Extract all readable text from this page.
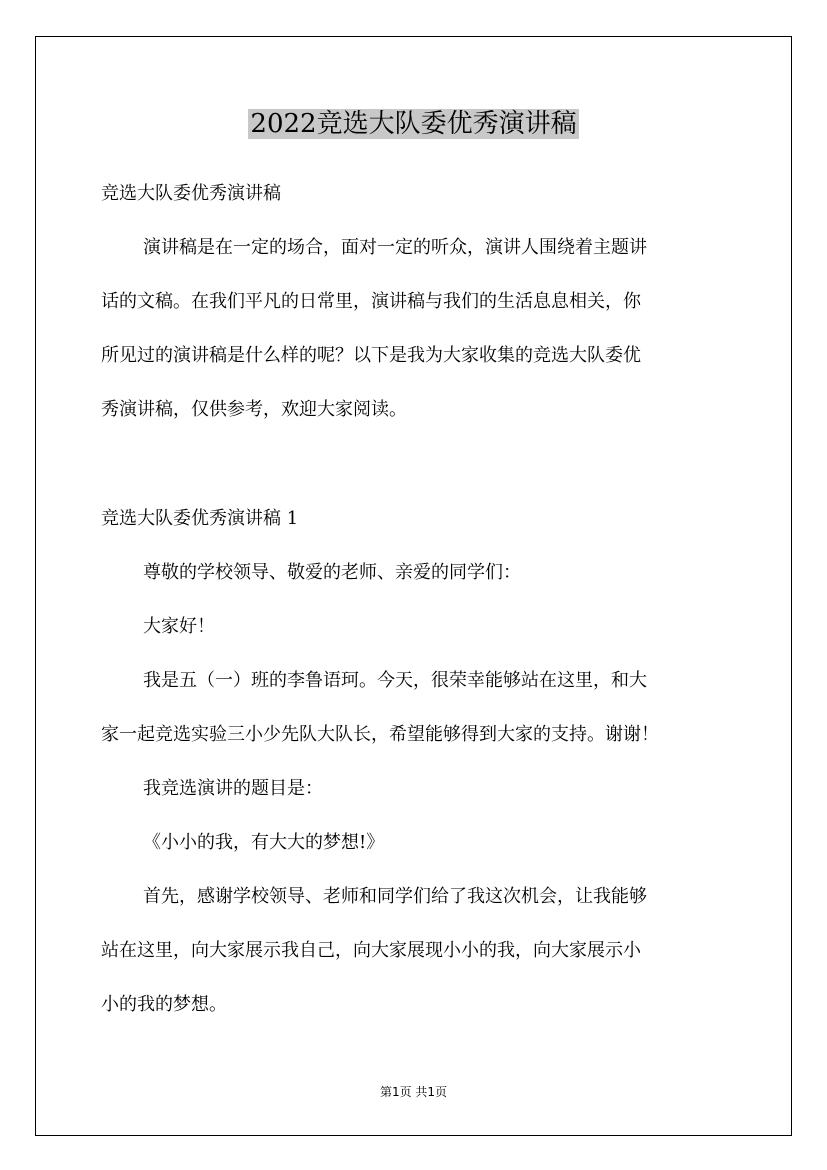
2022竞选大队委优秀演讲稿
竞选大队委优秀演讲稿
演讲稿是在一定的场合，面对一定的听众，演讲人围绕着主题讲
话的文稿。在我们平凡的日常里，演讲稿与我们的生活息息相关，你
所见过的演讲稿是什么样的呢？以下是我为大家收集的竞选大队委优
秀演讲稿，仅供参考，欢迎大家阅读。
竞选大队委优秀演讲稿 1
尊敬的学校领导、敬爱的老师、亲爱的同学们：
大家好！
我是五（一）班的李鲁语珂。今天，很荣幸能够站在这里，和大
家一起竞选实验三小少先队大队长，希望能够得到大家的支持。谢谢！
我竞选演讲的题目是：
《小小的我，有大大的梦想!》
首先，感谢学校领导、老师和同学们给了我这次机会，让我能够
站在这里，向大家展示我自己，向大家展现小小的我，向大家展示小
小的我的梦想。
第1页 共1页
